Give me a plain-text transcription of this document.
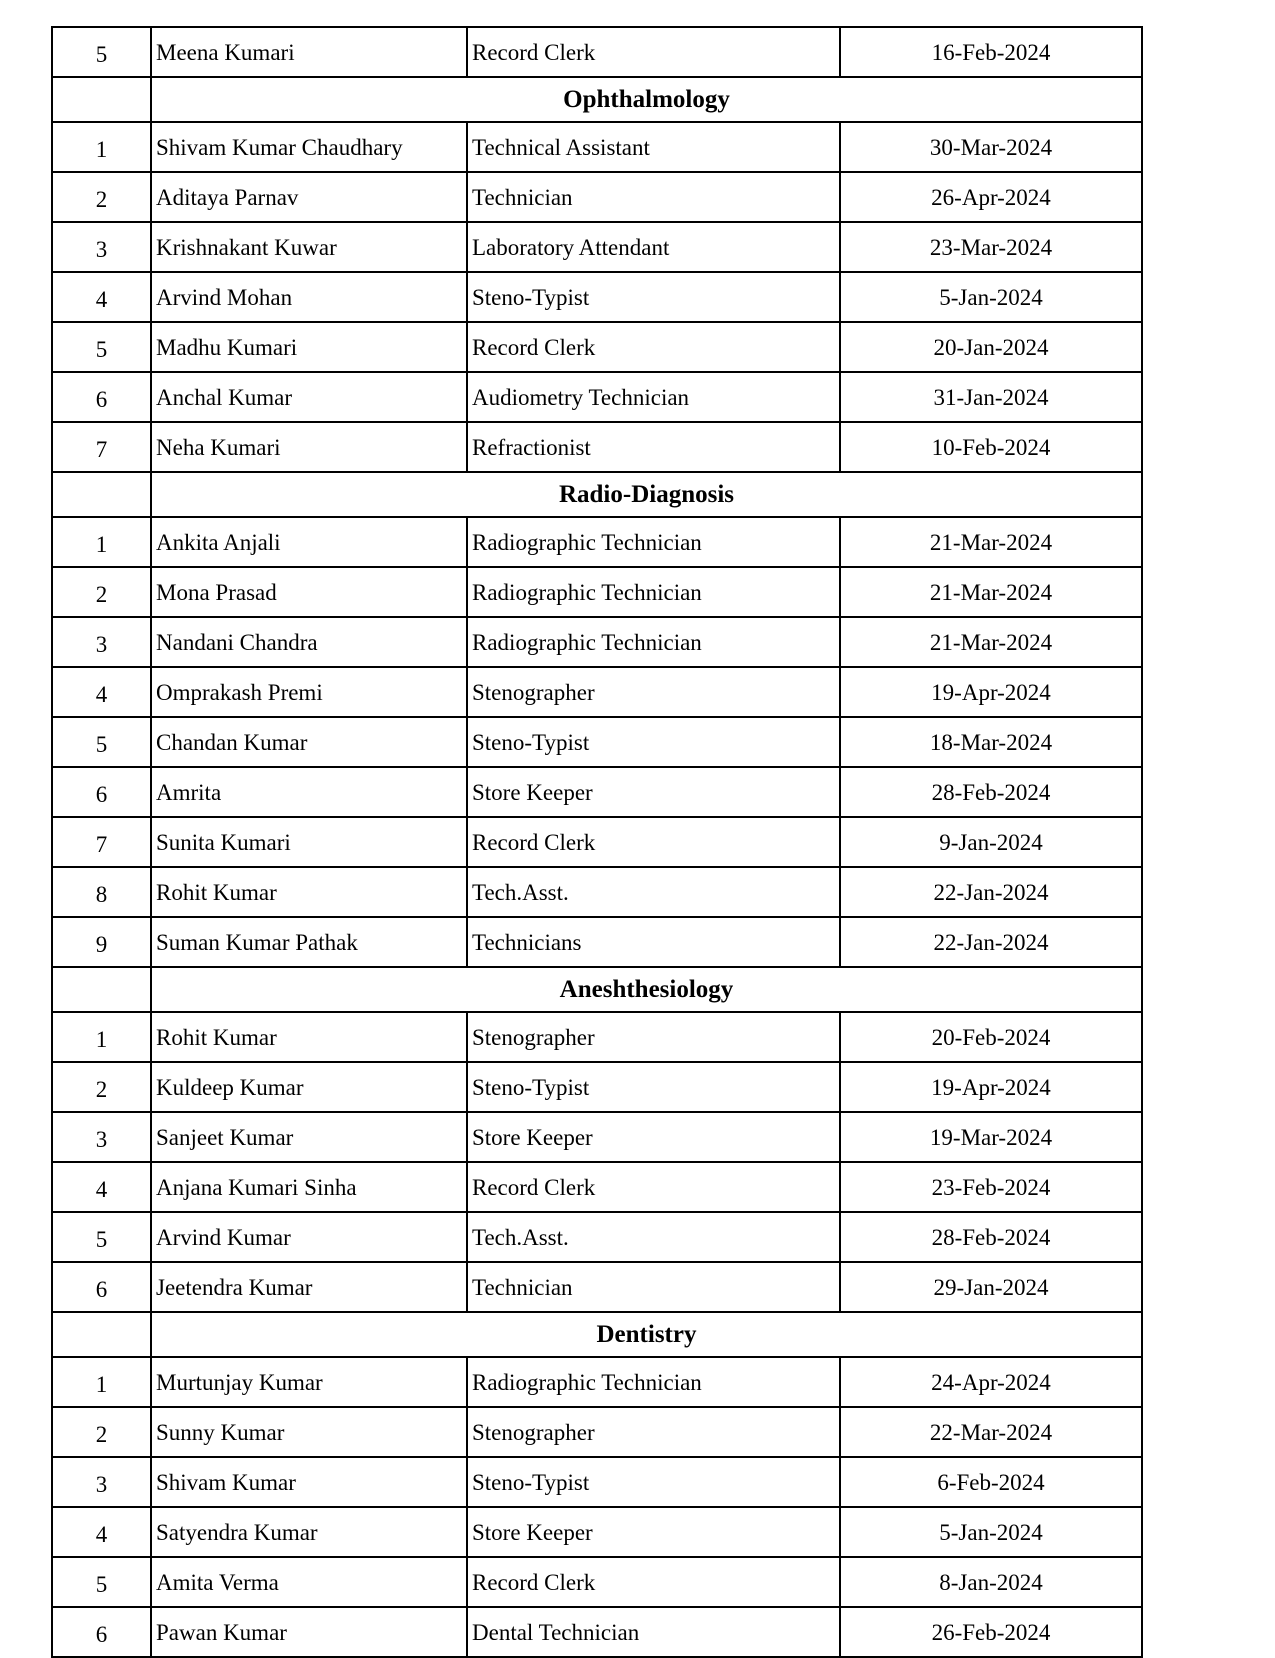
5	Meena Kumari	Record Clerk	16-Feb-2024
	Ophthalmology		
1	Shivam Kumar Chaudhary	Technical Assistant	30-Mar-2024
2	Aditaya Parnav	Technician	26-Apr-2024
3	Krishnakant Kuwar	Laboratory Attendant	23-Mar-2024
4	Arvind Mohan	Steno-Typist	5-Jan-2024
5	Madhu Kumari	Record Clerk	20-Jan-2024
6	Anchal Kumar	Audiometry Technician	31-Jan-2024
7	Neha Kumari	Refractionist	10-Feb-2024
	Radio-Diagnosis		
1	Ankita Anjali	Radiographic Technician	21-Mar-2024
2	Mona Prasad	Radiographic Technician	21-Mar-2024
3	Nandani Chandra	Radiographic Technician	21-Mar-2024
4	Omprakash Premi	Stenographer	19-Apr-2024
5	Chandan Kumar	Steno-Typist	18-Mar-2024
6	Amrita	Store Keeper	28-Feb-2024
7	Sunita Kumari	Record Clerk	9-Jan-2024
8	Rohit Kumar	Tech.Asst.	22-Jan-2024
9	Suman Kumar Pathak	Technicians	22-Jan-2024
	Aneshthesiology		
1	Rohit Kumar	Stenographer	20-Feb-2024
2	Kuldeep Kumar	Steno-Typist	19-Apr-2024
3	Sanjeet Kumar	Store Keeper	19-Mar-2024
4	Anjana Kumari Sinha	Record Clerk	23-Feb-2024
5	Arvind Kumar	Tech.Asst.	28-Feb-2024
6	Jeetendra Kumar	Technician	29-Jan-2024
	Dentistry		
1	Murtunjay Kumar	Radiographic Technician	24-Apr-2024
2	Sunny Kumar	Stenographer	22-Mar-2024
3	Shivam Kumar	Steno-Typist	6-Feb-2024
4	Satyendra Kumar	Store Keeper	5-Jan-2024
5	Amita Verma	Record Clerk	8-Jan-2024
6	Pawan Kumar	Dental Technician	26-Feb-2024
